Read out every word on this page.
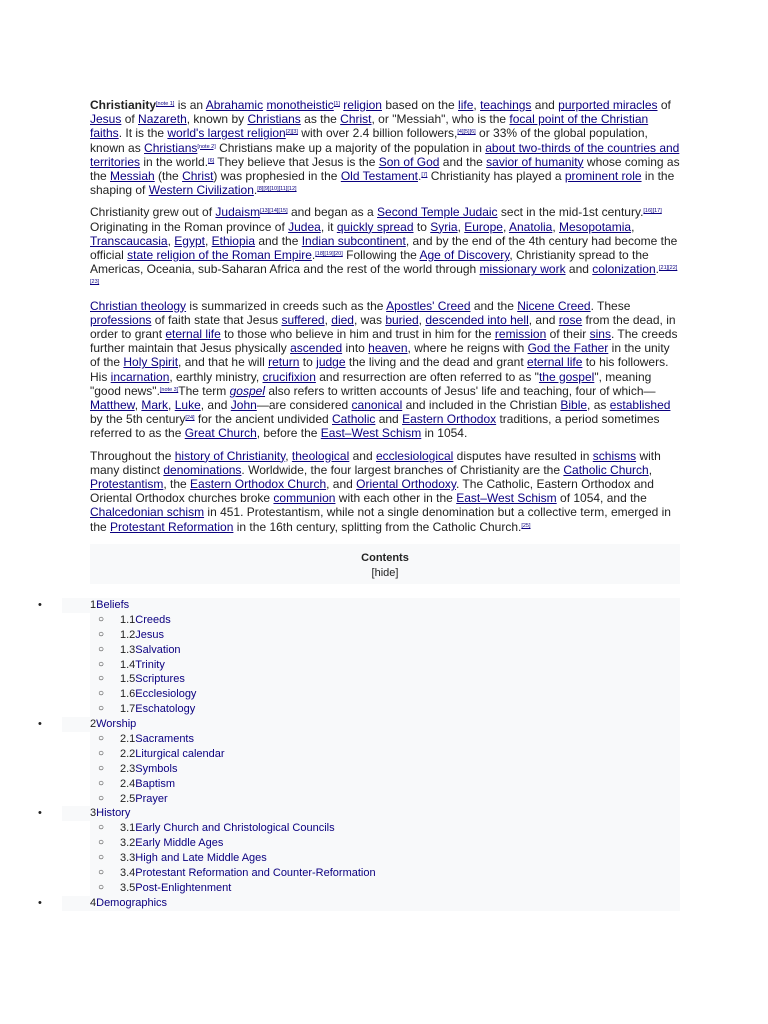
Christianity[note 1] is an Abrahamic monotheistic[1] religion based on the life, teachings and purported miracles of Jesus of Nazareth, known by Christians as the Christ, or "Messiah", who is the focal point of the Christian faiths. It is the world's largest religion[2][3] with over 2.4 billion followers,[4][5][6] or 33% of the global population, known as Christians[note 2] Christians make up a majority of the population in about two-thirds of the countries and territories in the world.[6] They believe that Jesus is the Son of God and the savior of humanity whose coming as the Messiah (the Christ) was prophesied in the Old Testament.[7] Christianity has played a prominent role in the shaping of Western Civilization.[8][9][10][11][12]

Christianity grew out of Judaism[13][14][15] and began as a Second Temple Judaic sect in the mid-1st century.[16][17] Originating in the Roman province of Judea, it quickly spread to Syria, Europe, Anatolia, Mesopotamia, Transcaucasia, Egypt, Ethiopia and the Indian subcontinent, and by the end of the 4th century had become the official state religion of the Roman Empire.[18][19][20] Following the Age of Discovery, Christianity spread to the Americas, Oceania, sub-Saharan Africa and the rest of the world through missionary work and colonization.[21][22][23]

Christian theology is summarized in creeds such as the Apostles' Creed and the Nicene Creed. These professions of faith state that Jesus suffered, died, was buried, descended into hell, and rose from the dead, in order to grant eternal life to those who believe in him and trust in him for the remission of their sins. The creeds further maintain that Jesus physically ascended into heaven, where he reigns with God the Father in the unity of the Holy Spirit, and that he will return to judge the living and the dead and grant eternal life to his followers. His incarnation, earthly ministry, crucifixion and resurrection are often referred to as "the gospel", meaning "good news".[note 3]The term gospel also refers to written accounts of Jesus' life and teaching, four of which—Matthew, Mark, Luke, and John—are considered canonical and included in the Christian Bible, as established by the 5th century[24] for the ancient undivided Catholic and Eastern Orthodox traditions, a period sometimes referred to as the Great Church, before the East–West Schism in 1054.

Throughout the history of Christianity, theological and ecclesiological disputes have resulted in schisms with many distinct denominations. Worldwide, the four largest branches of Christianity are the Catholic Church, Protestantism, the Eastern Orthodox Church, and Oriental Orthodoxy. The Catholic, Eastern Orthodox and Oriental Orthodox churches broke communion with each other in the East–West Schism of 1054, and the Chalcedonian schism in 451. Protestantism, while not a single denomination but a collective term, emerged in the Protestant Reformation in the 16th century, splitting from the Catholic Church.[25]

Contents
[hide]
•	1Beliefs
○ 1.1Creeds
○ 1.2Jesus
○ 1.3Salvation
○ 1.4Trinity
○ 1.5Scriptures
○ 1.6Ecclesiology
○ 1.7Eschatology
•	2Worship
○ 2.1Sacraments
○ 2.2Liturgical calendar
○ 2.3Symbols
○ 2.4Baptism
○ 2.5Prayer
•	3History
○ 3.1Early Church and Christological Councils
○ 3.2Early Middle Ages
○ 3.3High and Late Middle Ages
○ 3.4Protestant Reformation and Counter-Reformation
○ 3.5Post-Enlightenment
•	4Demographics
